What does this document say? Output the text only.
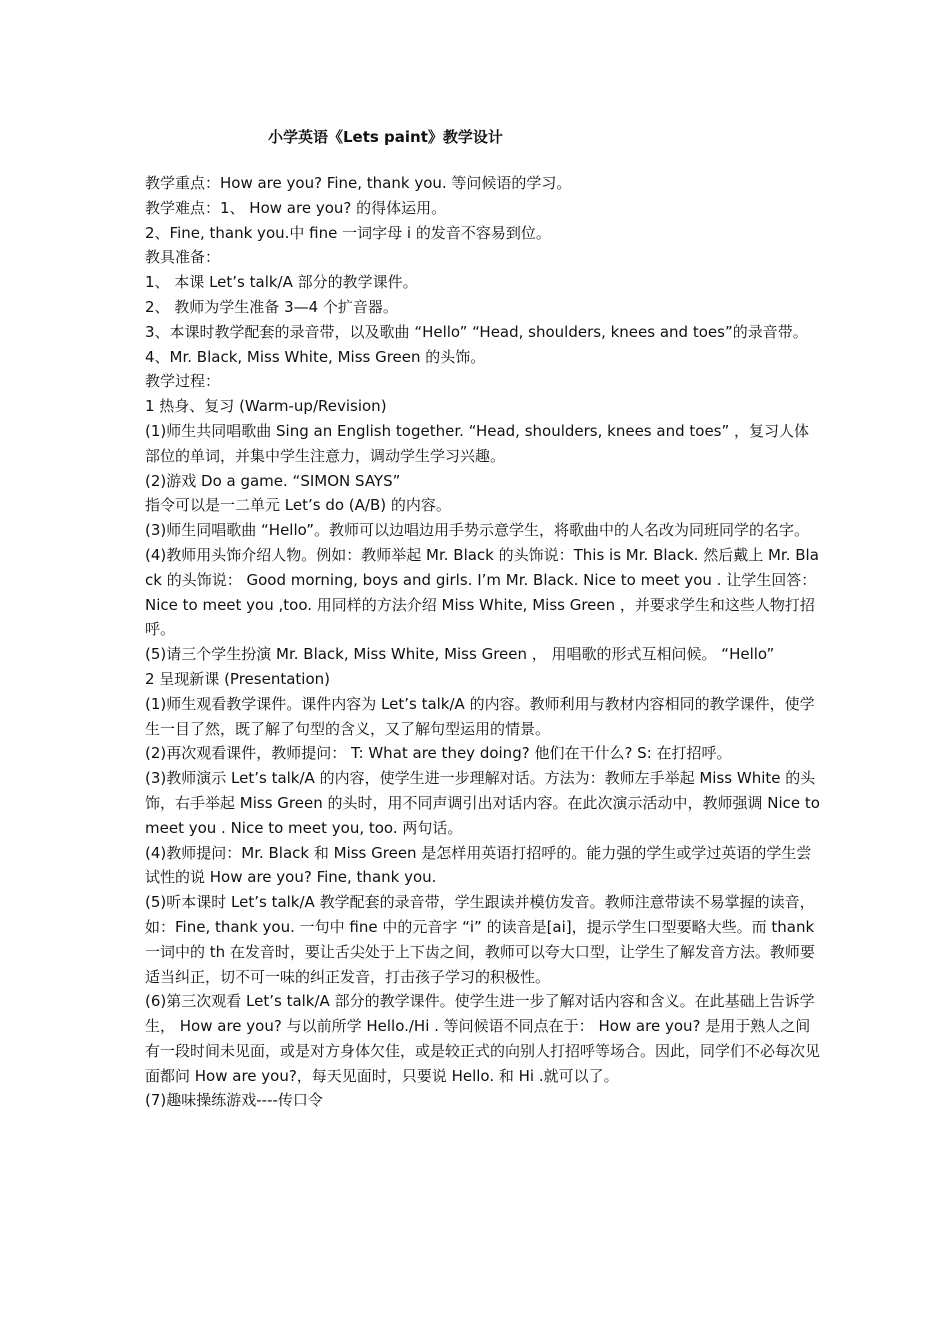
小学英语《Lets paint》教学设计

教学重点：How are you? Fine, thank you. 等问候语的学习。

教学难点：1、 How are you? 的得体运用。

2、Fine, thank you.中 fine 一词字母 i 的发音不容易到位。

教具准备：

1、 本课 Let’s talk/A 部分的教学课件。

2、 教师为学生准备 3—4 个扩音器。

3、本课时教学配套的录音带，以及歌曲 “Hello” “Head, shoulders, knees and toes”的录音带。

4、Mr. Black, Miss White, Miss Green 的头饰。

教学过程：

1 热身、复习 (Warm-up/Revision)

(1)师生共同唱歌曲 Sing an English together. “Head, shoulders, knees and toes” ，复习人体部位的单词，并集中学生注意力，调动学生学习兴趣。

(2)游戏 Do a game. “SIMON SAYS”

指令可以是一二单元 Let’s do (A/B) 的内容。

(3)师生同唱歌曲 “Hello”。教师可以边唱边用手势示意学生，将歌曲中的人名改为同班同学的名字。

(4)教师用头饰介绍人物。例如：教师举起 Mr. Black 的头饰说：This is Mr. Black. 然后戴上 Mr. Black 的头饰说： Good morning, boys and girls. I’m Mr. Black. Nice to meet you . 让学生回答：Nice to meet you ,too. 用同样的方法介绍 Miss White, Miss Green ，并要求学生和这些人物打招呼。

(5)请三个学生扮演 Mr. Black, Miss White, Miss Green ， 用唱歌的形式互相问候。 “Hello”

2 呈现新课 (Presentation)

(1)师生观看教学课件。课件内容为 Let’s talk/A 的内容。教师利用与教材内容相同的教学课件，使学生一目了然，既了解了句型的含义，又了解句型运用的情景。

(2)再次观看课件，教师提问： T: What are they doing? 他们在干什么? S: 在打招呼。

(3)教师演示 Let’s talk/A 的内容，使学生进一步理解对话。方法为：教师左手举起 Miss White 的头饰，右手举起 Miss Green 的头时，用不同声调引出对话内容。在此次演示活动中，教师强调 Nice to meet you . Nice to meet you, too. 两句话。

(4)教师提问：Mr. Black 和 Miss Green 是怎样用英语打招呼的。能力强的学生或学过英语的学生尝试性的说 How are you? Fine, thank you.

(5)听本课时 Let’s talk/A 教学配套的录音带，学生跟读并模仿发音。教师注意带读不易掌握的读音，如：Fine, thank you. 一句中 fine 中的元音字 “i” 的读音是[ai]，提示学生口型要略大些。而 thank 一词中的 th 在发音时，要让舌尖处于上下齿之间，教师可以夸大口型，让学生了解发音方法。教师要适当纠正，切不可一味的纠正发音，打击孩子学习的积极性。

(6)第三次观看 Let’s talk/A 部分的教学课件。使学生进一步了解对话内容和含义。在此基础上告诉学生， How are you? 与以前所学 Hello./Hi . 等问候语不同点在于： How are you? 是用于熟人之间有一段时间未见面，或是对方身体欠佳，或是较正式的向别人打招呼等场合。因此，同学们不必每次见面都问 How are you?，每天见面时，只要说 Hello. 和 Hi .就可以了。

(7)趣味操练游戏----传口令
